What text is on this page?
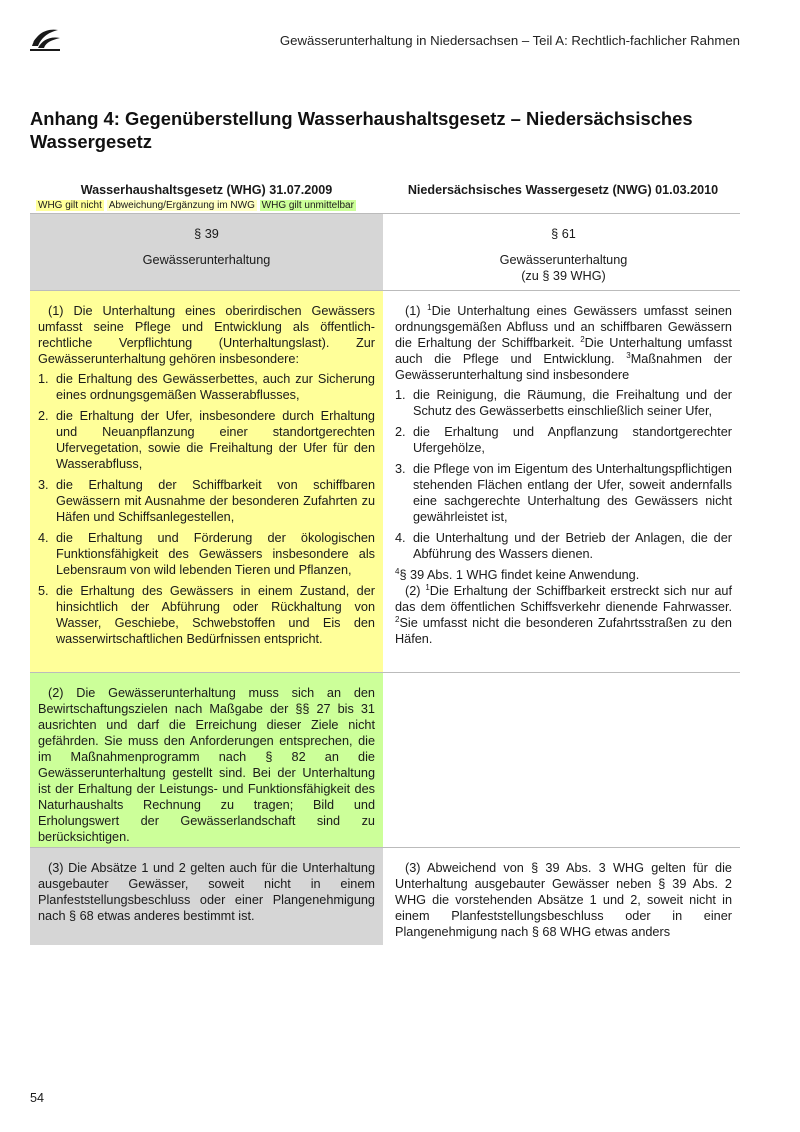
Gewässerunterhaltung in Niedersachsen – Teil A: Rechtlich-fachlicher Rahmen
Anhang 4: Gegenüberstellung Wasserhaushaltsgesetz – Niedersächsisches Wassergesetz
Wasserhaushaltsgesetz (WHG) 31.07.2009	Niedersächsisches Wassergesetz (NWG) 01.03.2010
WHG gilt nicht Abweichung/Ergänzung im NWG WHG gilt unmittelbar

§ 39

Gewässerunterhaltung

§ 61

Gewässerunterhaltung

(zu § 39 WHG)

(1) Die Unterhaltung eines oberirdischen Gewässers umfasst seine Pflege und Entwicklung als öffentlich-rechtliche Verpflichtung (Unterhaltungslast). Zur Gewässerunterhaltung gehören insbesondere:

1. die Erhaltung des Gewässerbettes, auch zur Sicherung eines ordnungsgemäßen Wasserabflusses,
2. die Erhaltung der Ufer, insbesondere durch Erhaltung und Neuanpflanzung einer standortgerechten Ufervegetation, sowie die Freihaltung der Ufer für den Wasserabfluss,
3. die Erhaltung der Schiffbarkeit von schiffbaren Gewässern mit Ausnahme der besonderen Zufahrten zu Häfen und Schiffsanlegestellen,
4. die Erhaltung und Förderung der ökologischen Funktionsfähigkeit des Gewässers insbesondere als Lebensraum von wild lebenden Tieren und Pflanzen,
5. die Erhaltung des Gewässers in einem Zustand, der hinsichtlich der Abführung oder Rückhaltung von Wasser, Geschiebe, Schwebstoffen und Eis den wasserwirtschaftlichen Bedürfnissen entspricht.

(1) $^1$Die Unterhaltung eines Gewässers umfasst seinen ordnungsgemäßen Abfluss und an schiffbaren Gewässern die Erhaltung der Schiffbarkeit. $^2$Die Unterhaltung umfasst auch die Pflege und Entwicklung. $^3$Maßnahmen der Gewässerunterhaltung sind insbesondere

1. die Reinigung, die Räumung, die Freihaltung und der Schutz des Gewässerbetts einschließlich seiner Ufer,
2. die Erhaltung und Anpflanzung standortgerechter Ufergehölze,
3. die Pflege von im Eigentum des Unterhaltungspflichtigen stehenden Flächen entlang der Ufer, soweit andernfalls eine sachgerechte Unterhaltung des Gewässers nicht gewährleistet ist,
4. die Unterhaltung und der Betrieb der Anlagen, die der Abführung des Wassers dienen.

$^4$§ 39 Abs. 1 WHG findet keine Anwendung.

(2) $^1$Die Erhaltung der Schiffbarkeit erstreckt sich nur auf das dem öffentlichen Schiffsverkehr dienende Fahrwasser. $^2$Sie umfasst nicht die besonderen Zufahrtsstraßen zu den Häfen.

(2) Die Gewässerunterhaltung muss sich an den Bewirtschaftungszielen nach Maßgabe der §§ 27 bis 31 ausrichten und darf die Erreichung dieser Ziele nicht gefährden. Sie muss den Anforderungen entsprechen, die im Maßnahmenprogramm nach § 82 an die Gewässerunterhaltung gestellt sind. Bei der Unterhaltung ist der Erhaltung der Leistungs- und Funktionsfähigkeit des Naturhaushalts Rechnung zu tragen; Bild und Erholungswert der Gewässerlandschaft sind zu berücksichtigen.

(3) Die Absätze 1 und 2 gelten auch für die Unterhaltung ausgebauter Gewässer, soweit nicht in einem Planfeststellungsbeschluss oder einer Plangenehmigung nach § 68 etwas anderes bestimmt ist.

(3) Abweichend von § 39 Abs. 3 WHG gelten für die Unterhaltung ausgebauter Gewässer neben § 39 Abs. 2 WHG die vorstehenden Absätze 1 und 2, soweit nicht in einem Planfeststellungsbeschluss oder in einer Plangenehmigung nach § 68 WHG etwas anders

54
